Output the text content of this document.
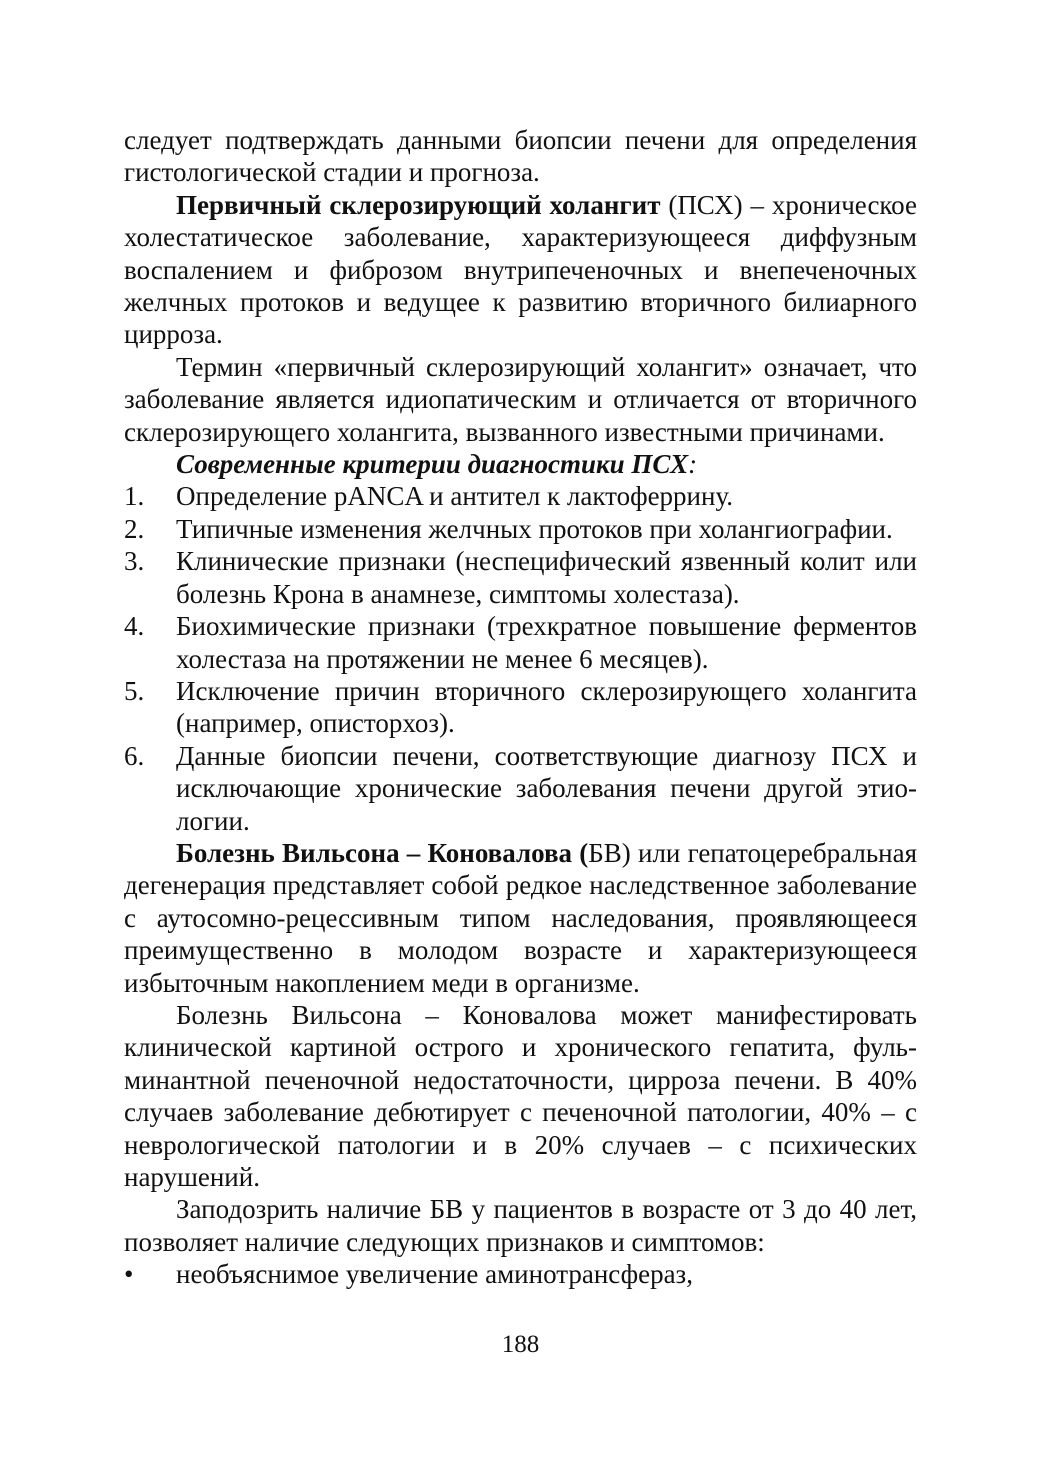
следует подтверждать данными биопсии печени для определения гистологической стадии и прогноза.

Первичный склерозирующий холангит (ПСХ) – хроническое холестатическое заболевание, характеризующееся диффузным воспалением и фиброзом внутрипеченочных и внепеченочных желчных протоков и ведущее к развитию вторичного билиарного цирроза.

Термин «первичный склерозирующий холангит» означает, что заболевание является идиопатическим и отличается от вторичного склерозирующего холангита, вызванного известными причинами.

Современные критерии диагностики ПСХ:

1. Определение pANCA и антител к лактоферрину.
2. Типичные изменения желчных протоков при холангиографии.
3. Клинические признаки (неспецифический язвенный колит или болезнь Крона в анамнезе, симптомы холестаза).
4. Биохимические признаки (трехкратное повышение ферментов холестаза на протяжении не менее 6 месяцев).
5. Исключение причин вторичного склерозирующего холангита (например, описторхоз).
6. Данные биопсии печени, соответствующие диагнозу ПСХ и исключающие хронические заболевания печени другой этиологии.

Болезнь Вильсона – Коновалова (БВ) или гепатоцеребральная дегенерация представляет собой редкое наследственное заболевание с аутосомно-рецессивным типом наследования, проявляющееся преимущественно в молодом возрасте и характеризующееся избыточным накоплением меди в организме.

Болезнь Вильсона – Коновалова может манифестировать клинической картиной острого и хронического гепатита, фульминантной печеночной недостаточности, цирроза печени. В 40% случаев заболевание дебютирует с печеночной патологии, 40% – с неврологической патологии и в 20% случаев – с психических нарушений.

Заподозрить наличие БВ у пациентов в возрасте от 3 до 40 лет, позволяет наличие следующих признаков и симптомов:

• необъяснимое увеличение аминотрансфераз,
188
